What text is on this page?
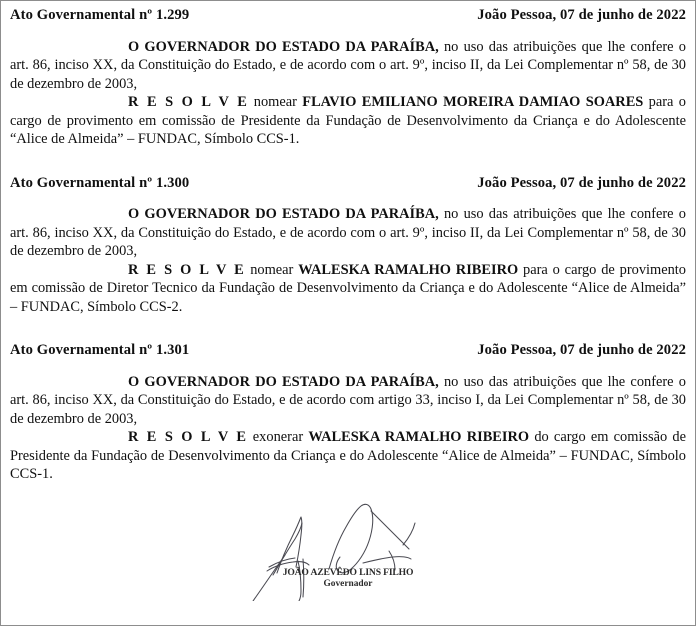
Ato Governamental nº 1.299	João Pessoa, 07 de junho de 2022

O GOVERNADOR DO ESTADO DA PARAÍBA, no uso das atribuições que lhe confere o art. 86, inciso XX, da Constituição do Estado, e de acordo com o art. 9º, inciso II, da Lei Complementar nº 58, de 30 de dezembro de 2003,

R E S O L V E nomear FLAVIO EMILIANO MOREIRA DAMIAO SOARES para o cargo de provimento em comissão de Presidente da Fundação de Desenvolvimento da Criança e do Adolescente “Alice de Almeida” – FUNDAC, Símbolo CCS-1.

Ato Governamental nº 1.300	João Pessoa, 07 de junho de 2022

O GOVERNADOR DO ESTADO DA PARAÍBA, no uso das atribuições que lhe confere o art. 86, inciso XX, da Constituição do Estado, e de acordo com o art. 9º, inciso II, da Lei Complementar nº 58, de 30 de dezembro de 2003,

R E S O L V E nomear WALESKA RAMALHO RIBEIRO para o cargo de provimento em comissão de Diretor Tecnico da Fundação de Desenvolvimento da Criança e do Adolescente “Alice de Almeida” – FUNDAC, Símbolo CCS-2.

Ato Governamental nº 1.301	João Pessoa, 07 de junho de 2022

O GOVERNADOR DO ESTADO DA PARAÍBA, no uso das atribuições que lhe confere o art. 86, inciso XX, da Constituição do Estado, e de acordo com artigo 33, inciso I, da Lei Complementar nº 58, de 30 de dezembro de 2003,

R E S O L V E exonerar WALESKA RAMALHO RIBEIRO do cargo em comissão de Presidente da Fundação de Desenvolvimento da Criança e do Adolescente “Alice de Almeida” – FUNDAC, Símbolo CCS-1.

JOÃO AZEVÊDO LINS FILHO
Governador
